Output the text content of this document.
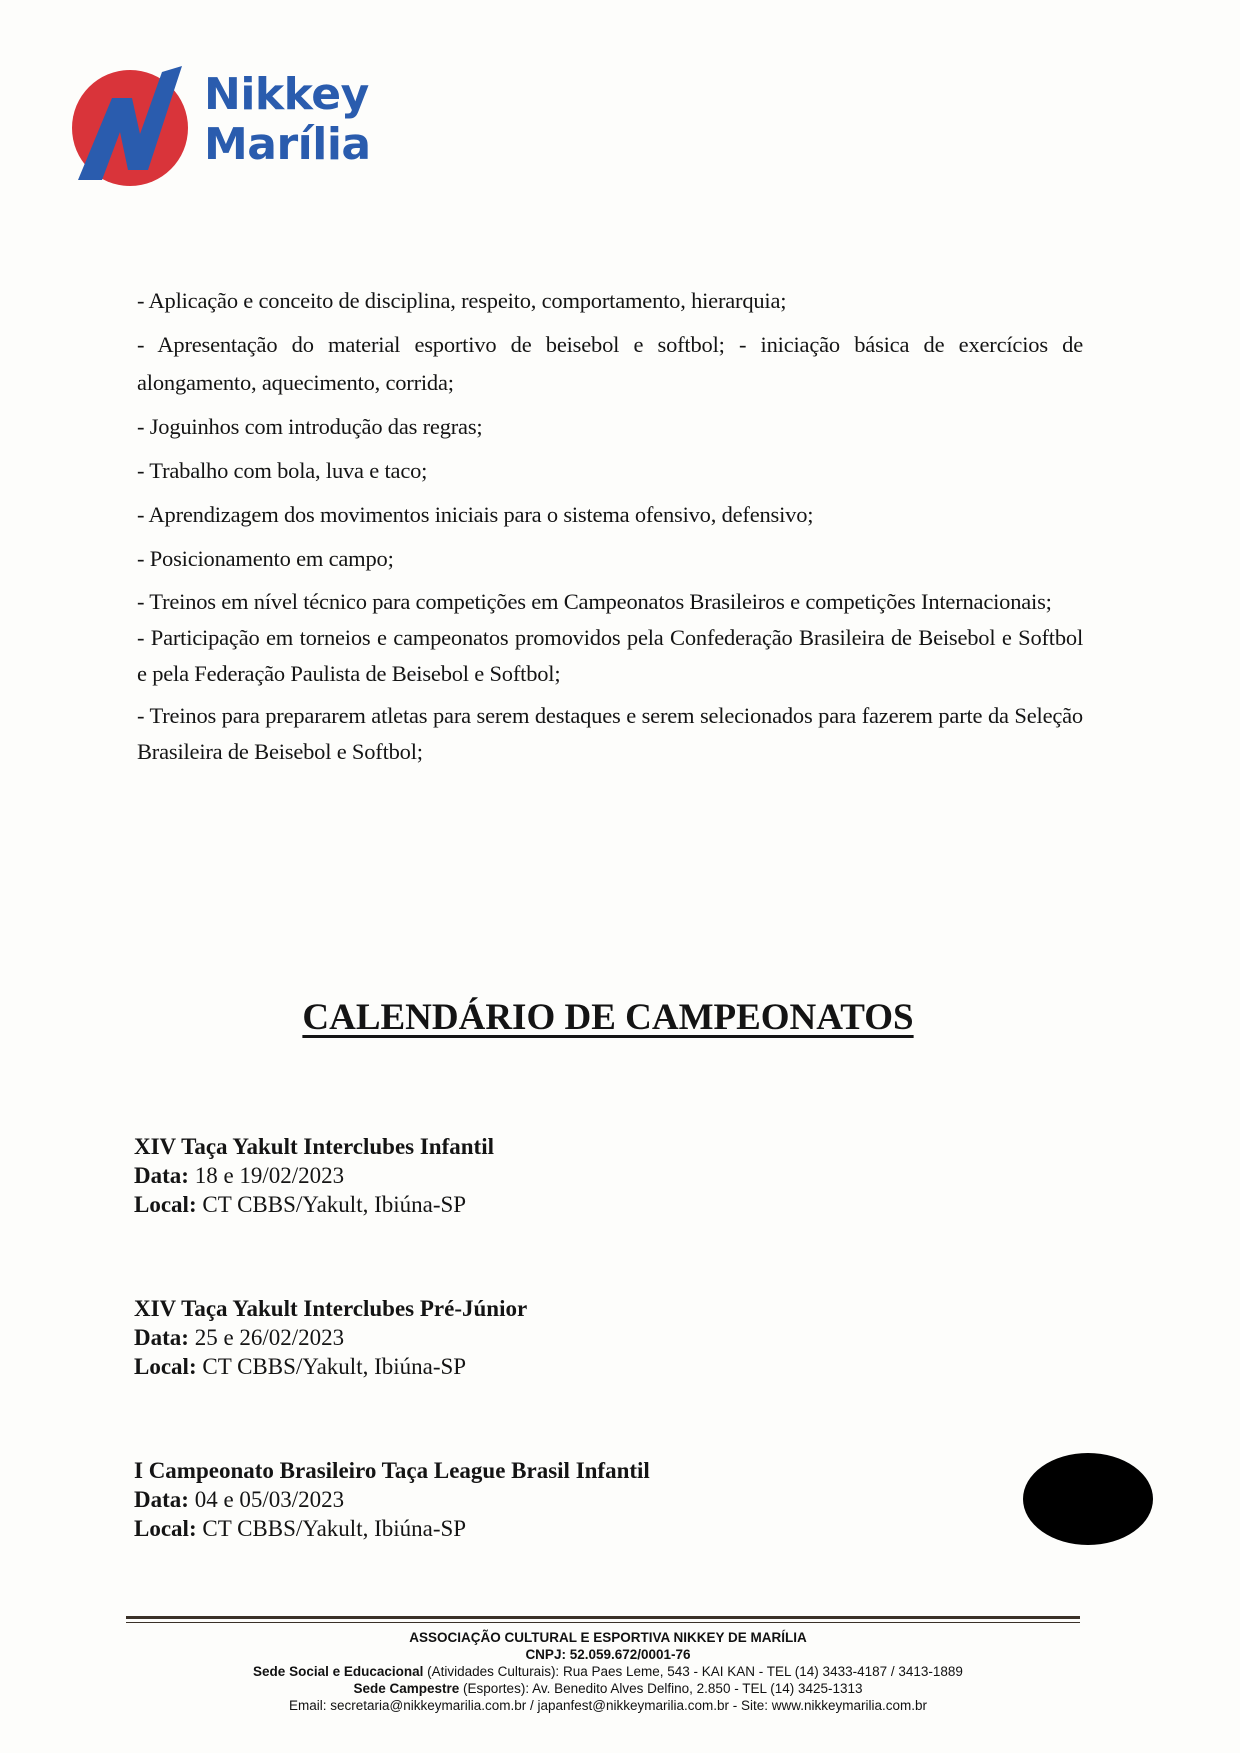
Nikkey
Marília
- Aplicação e conceito de disciplina, respeito, comportamento, hierarquia;
- Apresentação do material esportivo de beisebol e softbol; - iniciação básica de exercícios de alongamento, aquecimento, corrida;
- Joguinhos com introdução das regras;
- Trabalho com bola, luva e taco;
- Aprendizagem dos movimentos iniciais para o sistema ofensivo, defensivo;
- Posicionamento em campo;
- Treinos em nível técnico para competições em Campeonatos Brasileiros e competições Internacionais;
- Participação em torneios e campeonatos promovidos pela Confederação Brasileira de Beisebol e Softbol e pela Federação Paulista de Beisebol e Softbol;
- Treinos para prepararem atletas para serem destaques e serem selecionados para fazerem parte da Seleção Brasileira de Beisebol e Softbol;
CALENDÁRIO DE CAMPEONATOS
XIV Taça Yakult Interclubes Infantil
Data: 18 e 19/02/2023
Local: CT CBBS/Yakult, Ibiúna-SP
XIV Taça Yakult Interclubes Pré-Júnior
Data: 25 e 26/02/2023
Local: CT CBBS/Yakult, Ibiúna-SP
I Campeonato Brasileiro Taça League Brasil Infantil
Data: 04 e 05/03/2023
Local: CT CBBS/Yakult, Ibiúna-SP
ASSOCIAÇÃO CULTURAL E ESPORTIVA NIKKEY DE MARÍLIA
CNPJ: 52.059.672/0001-76
Sede Social e Educacional (Atividades Culturais): Rua Paes Leme, 543 - KAI KAN - TEL (14) 3433-4187 / 3413-1889
Sede Campestre (Esportes): Av. Benedito Alves Delfino, 2.850 - TEL (14) 3425-1313
Email: secretaria@nikkeymarilia.com.br / japanfest@nikkeymarilia.com.br - Site: www.nikkeymarilia.com.br
